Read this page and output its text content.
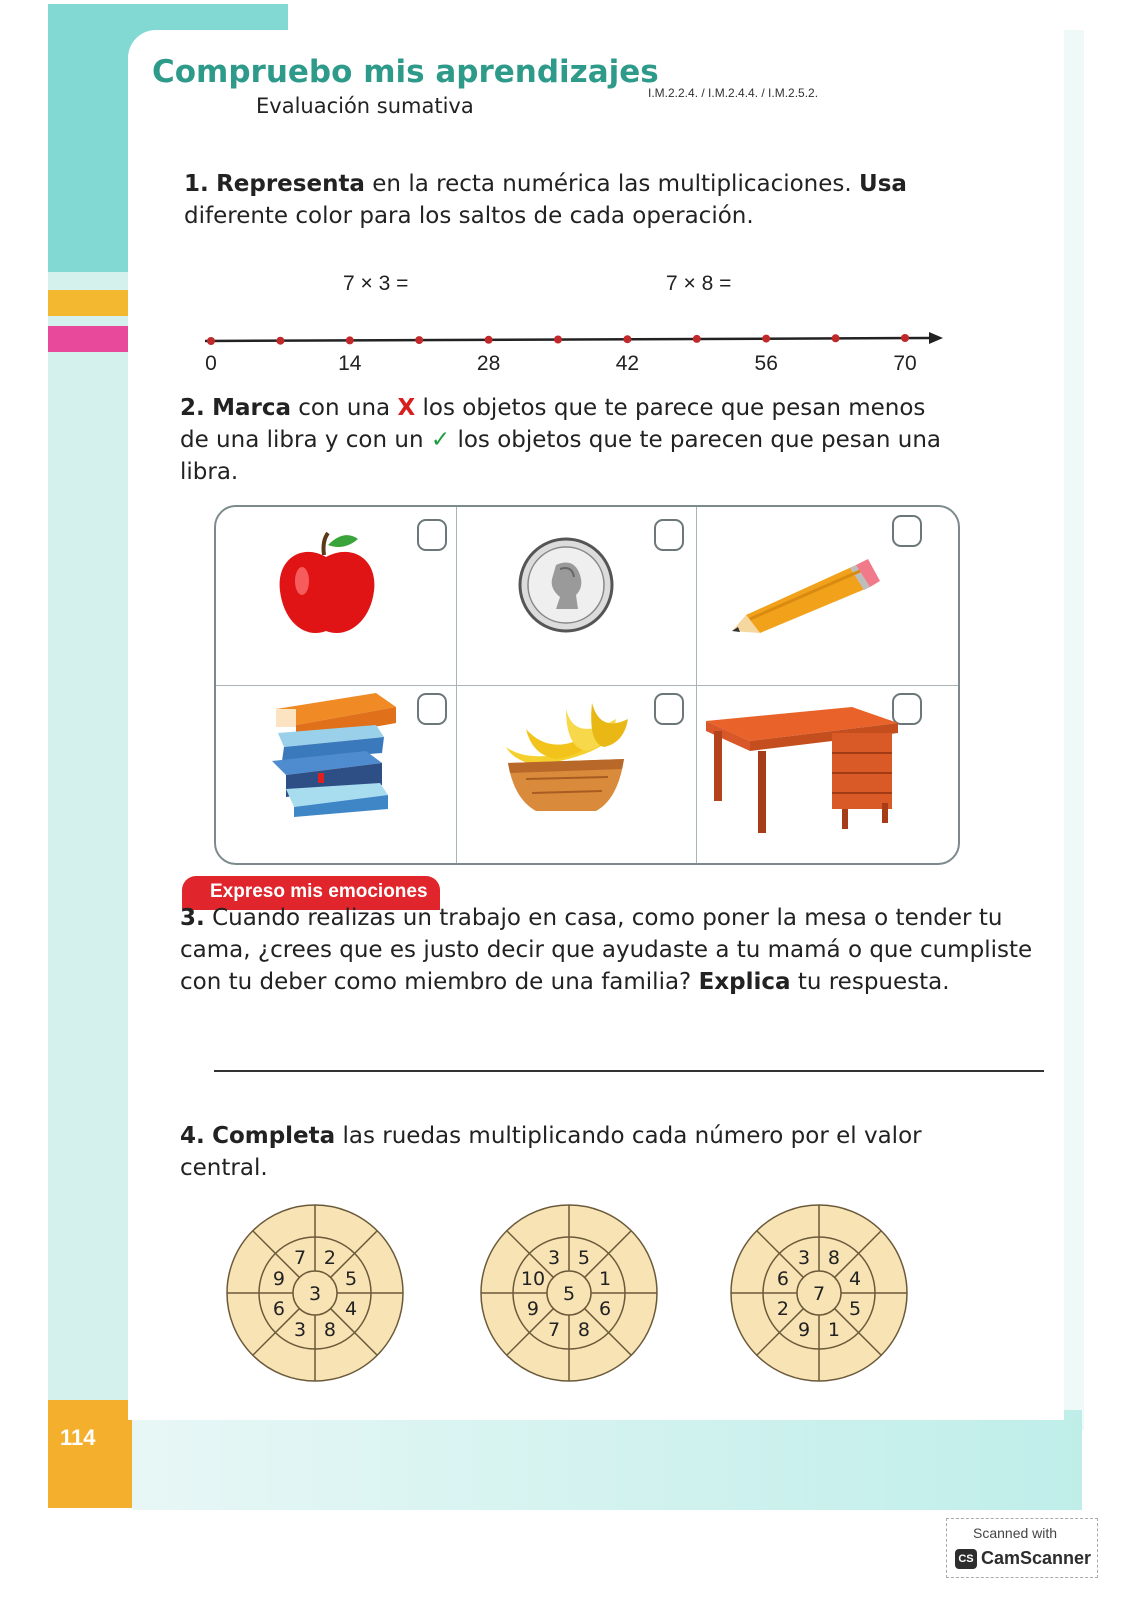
114
Compruebo mis aprendizajes
Evaluación sumativa
I.M.2.2.4. / I.M.2.4.4. / I.M.2.5.2.
1. Representa en la recta numérica las multiplicaciones. Usa diferente color para los saltos de cada operación.
7 × 3 =	7 × 8 =
0	14	28	42	56	70
2. Marca con una X los objetos que te parece que pesan menos de una libra y con un ✓ los objetos que te parecen que pesan una libra.
Expreso mis emociones
3. Cuando realizas un trabajo en casa, como poner la mesa o tender tu cama, ¿crees que es justo decir que ayudaste a tu mamá o que cumpliste con tu deber como miembro de una familia? Explica tu respuesta.
4. Completa las ruedas multiplicando cada número por el valor central.
3
2
5
4
8
3
6
9
7
5
5
1
6
8
7
9
10
3
7
8
4
5
1
9
2
6
3
Scanned with
CS CamScanner
